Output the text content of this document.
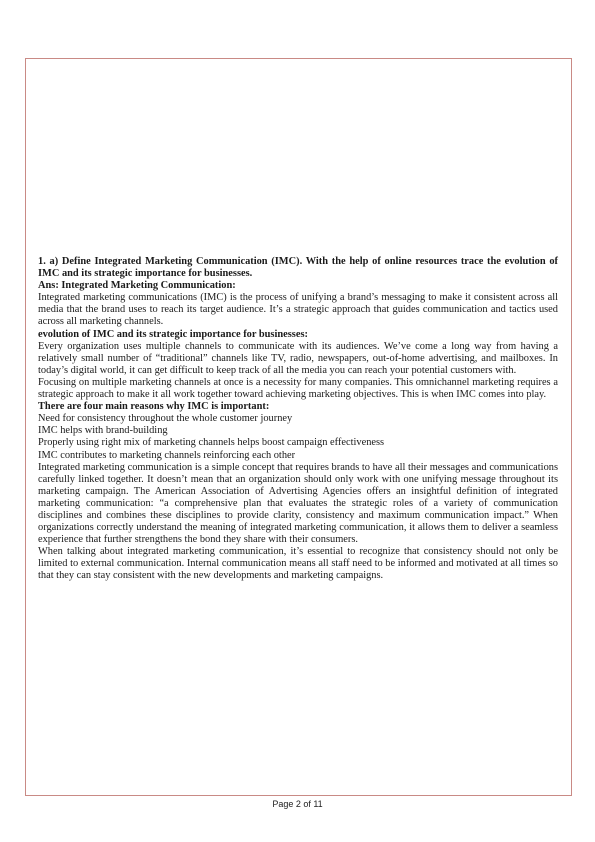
1. a) Define Integrated Marketing Communication (IMC). With the help of online resources trace the evolution of IMC and its strategic importance for businesses.

Ans: Integrated Marketing Communication:

Integrated marketing communications (IMC) is the process of unifying a brand’s messaging to make it consistent across all media that the brand uses to reach its target audience. It’s a strategic approach that guides communication and tactics used across all marketing channels.

evolution of IMC and its strategic importance for businesses:

Every organization uses multiple channels to communicate with its audiences. We’ve come a long way from having a relatively small number of “traditional” channels like TV, radio, newspapers, out-of-home advertising, and mailboxes. In today’s digital world, it can get difficult to keep track of all the media you can reach your potential customers with.

Focusing on multiple marketing channels at once is a necessity for many companies. This omnichannel marketing requires a strategic approach to make it all work together toward achieving marketing objectives. This is when IMC comes into play.

There are four main reasons why IMC is important:

Need for consistency throughout the whole customer journey

IMC helps with brand-building

Properly using right mix of marketing channels helps boost campaign effectiveness

IMC contributes to marketing channels reinforcing each other

Integrated marketing communication is a simple concept that requires brands to have all their messages and communications carefully linked together. It doesn’t mean that an organization should only work with one unifying message throughout its marketing campaign. The American Association of Advertising Agencies offers an insightful definition of integrated marketing communication: “a comprehensive plan that evaluates the strategic roles of a variety of communication disciplines and combines these disciplines to provide clarity, consistency and maximum communication impact.” When organizations correctly understand the meaning of integrated marketing communication, it allows them to deliver a seamless experience that further strengthens the bond they share with their consumers.

When talking about integrated marketing communication, it’s essential to recognize that consistency should not only be limited to external communication. Internal communication means all staff need to be informed and motivated at all times so that they can stay consistent with the new developments and marketing campaigns.

Page 2 of 11
